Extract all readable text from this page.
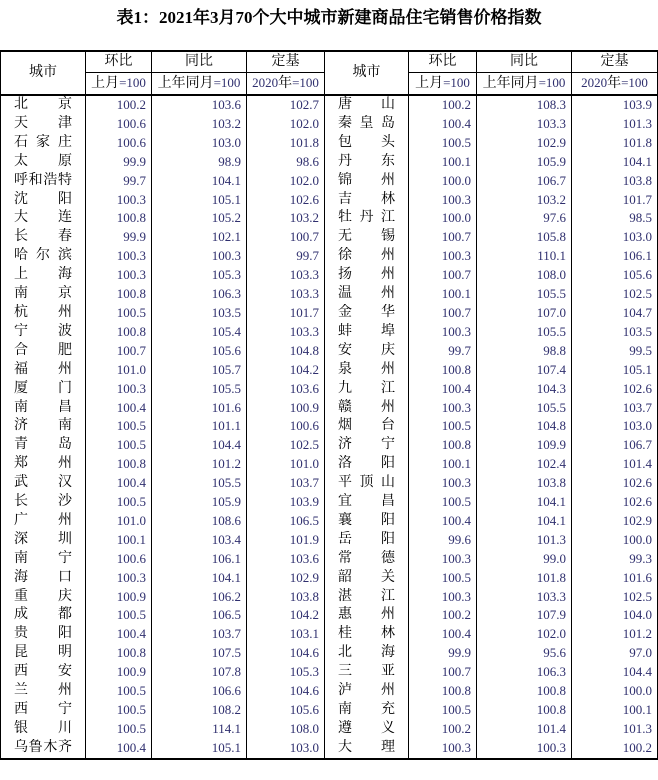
表1：2021年3月70个大中城市新建商品住宅销售价格指数
城市	环比	同比	定基	城市	环比	同比	定基
	上月=100	上年同月=100	2020年=100		上月=100	上年同月=100	2020年=100

北 京	100.2	103.6	102.7	唐 山	100.2	108.3	103.9

天 津	100.6	103.2	102.0	秦 皇 岛	100.4	103.3	101.3

石 家 庄	100.6	103.0	101.8	包 头	100.5	102.9	101.8

太 原	99.9	98.9	98.6	丹 东	100.1	105.9	104.1

呼 和 浩 特	99.7	104.1	102.0	锦 州	100.0	106.7	103.8

沈 阳	100.3	105.1	102.6	吉 林	100.3	103.2	101.7

大 连	100.8	105.2	103.2	牡 丹 江	100.0	97.6	98.5

长 春	99.9	102.1	100.7	无 锡	100.7	105.8	103.0

哈 尔 滨	100.3	100.3	99.7	徐 州	100.3	110.1	106.1

上 海	100.3	105.3	103.3	扬 州	100.7	108.0	105.6

南 京	100.8	106.3	103.3	温 州	100.1	105.5	102.5

杭 州	100.5	103.5	101.7	金 华	100.7	107.0	104.7

宁 波	100.8	105.4	103.3	蚌 埠	100.3	105.5	103.5

合 肥	100.7	105.6	104.8	安 庆	99.7	98.8	99.5

福 州	101.0	105.7	104.2	泉 州	100.8	107.4	105.1

厦 门	100.3	105.5	103.6	九 江	100.4	104.3	102.6

南 昌	100.4	101.6	100.9	赣 州	100.3	105.5	103.7

济 南	100.5	101.1	100.6	烟 台	100.5	104.8	103.0

青 岛	100.5	104.4	102.5	济 宁	100.8	109.9	106.7

郑 州	100.8	101.2	101.0	洛 阳	100.1	102.4	101.4

武 汉	100.4	105.5	103.7	平 顶 山	100.3	103.8	102.6

长 沙	100.5	105.9	103.9	宜 昌	100.5	104.1	102.6

广 州	101.0	108.6	106.5	襄 阳	100.4	104.1	102.9

深 圳	100.1	103.4	101.9	岳 阳	99.6	101.3	100.0

南 宁	100.6	106.1	103.6	常 德	100.3	99.0	99.3

海 口	100.3	104.1	102.9	韶 关	100.5	101.8	101.6

重 庆	100.9	106.2	103.8	湛 江	100.3	103.3	102.5

成 都	100.5	106.5	104.2	惠 州	100.2	107.9	104.0

贵 阳	100.4	103.7	103.1	桂 林	100.4	102.0	101.2

昆 明	100.8	107.5	104.6	北 海	99.9	95.6	97.0

西 安	100.9	107.8	105.3	三 亚	100.7	106.3	104.4

兰 州	100.5	106.6	104.6	泸 州	100.8	100.8	100.0

西 宁	100.5	108.2	105.6	南 充	100.5	100.8	100.1

银 川	100.5	114.1	108.0	遵 义	100.2	101.4	101.3

乌 鲁 木 齐	100.4	105.1	103.0	大 理	100.3	100.3	100.2
